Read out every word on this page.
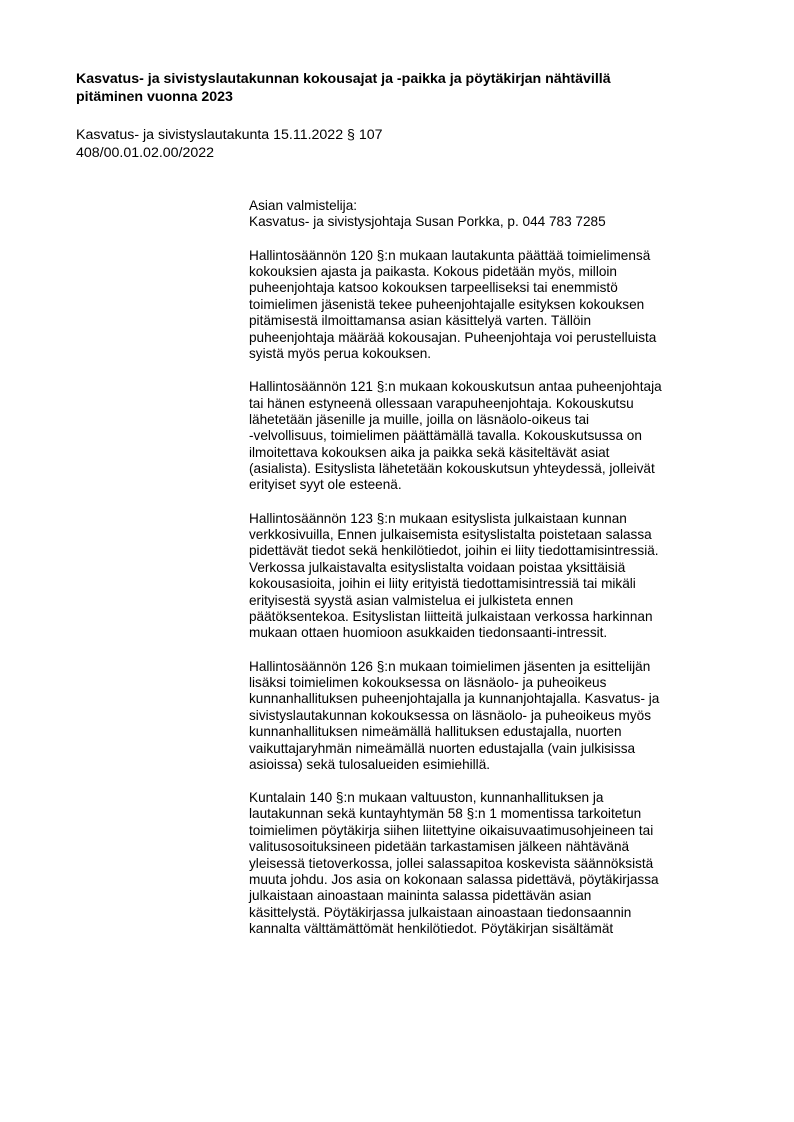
Kasvatus- ja sivistyslautakunnan kokousajat ja -paikka ja pöytäkirjan nähtävillä
pitäminen vuonna 2023
Kasvatus- ja sivistyslautakunta 15.11.2022 § 107
408/00.01.02.00/2022
Asian valmistelija:
Kasvatus- ja sivistysjohtaja Susan Porkka, p. 044 783 7285
Hallintosäännön 120 §:n mukaan lautakunta päättää toimielimensä
kokouksien ajasta ja paikasta. Kokous pidetään myös, milloin
puheenjohtaja katsoo kokouksen tarpeelliseksi tai enemmistö
toimielimen jäsenistä tekee puheenjohtajalle esityksen kokouksen
pitämisestä ilmoittamansa asian käsittelyä varten. Tällöin
puheenjohtaja määrää kokousajan. Puheenjohtaja voi perustelluista
syistä myös perua kokouksen.
Hallintosäännön 121 §:n mukaan kokouskutsun antaa puheenjohtaja
tai hänen estyneenä ollessaan varapuheenjohtaja. Kokouskutsu
lähetetään jäsenille ja muille, joilla on läsnäolo-oikeus tai
-velvollisuus, toimielimen päättämällä tavalla. Kokouskutsussa on
ilmoitettava kokouksen aika ja paikka sekä käsiteltävät asiat
(asialista). Esityslista lähetetään kokouskutsun yhteydessä, jolleivät
erityiset syyt ole esteenä.
Hallintosäännön 123 §:n mukaan esityslista julkaistaan kunnan
verkkosivuilla, Ennen julkaisemista esityslistalta poistetaan salassa
pidettävät tiedot sekä henkilötiedot, joihin ei liity tiedottamisintressiä.
Verkossa julkaistavalta esityslistalta voidaan poistaa yksittäisiä
kokousasioita, joihin ei liity erityistä tiedottamisintressiä tai mikäli
erityisestä syystä asian valmistelua ei julkisteta ennen
päätöksentekoa. Esityslistan liitteitä julkaistaan verkossa harkinnan
mukaan ottaen huomioon asukkaiden tiedonsaanti-intressit.
Hallintosäännön 126 §:n mukaan toimielimen jäsenten ja esittelijän
lisäksi toimielimen kokouksessa on läsnäolo- ja puheoikeus
kunnanhallituksen puheenjohtajalla ja kunnanjohtajalla. Kasvatus- ja
sivistyslautakunnan kokouksessa on läsnäolo- ja puheoikeus myös
kunnanhallituksen nimeämällä hallituksen edustajalla, nuorten
vaikuttajaryhmän nimeämällä nuorten edustajalla (vain julkisissa
asioissa) sekä tulosalueiden esimiehillä.
Kuntalain 140 §:n mukaan valtuuston, kunnanhallituksen ja
lautakunnan sekä kuntayhtymän 58 §:n 1 momentissa tarkoitetun
toimielimen pöytäkirja siihen liitettyine oikaisuvaatimusohjeineen tai
valitusosoituksineen pidetään tarkastamisen jälkeen nähtävänä
yleisessä tietoverkossa, jollei salassapitoa koskevista säännöksistä
muuta johdu. Jos asia on kokonaan salassa pidettävä, pöytäkirjassa
julkaistaan ainoastaan maininta salassa pidettävän asian
käsittelystä. Pöytäkirjassa julkaistaan ainoastaan tiedonsaannin
kannalta välttämättömät henkilötiedot. Pöytäkirjan sisältämät
